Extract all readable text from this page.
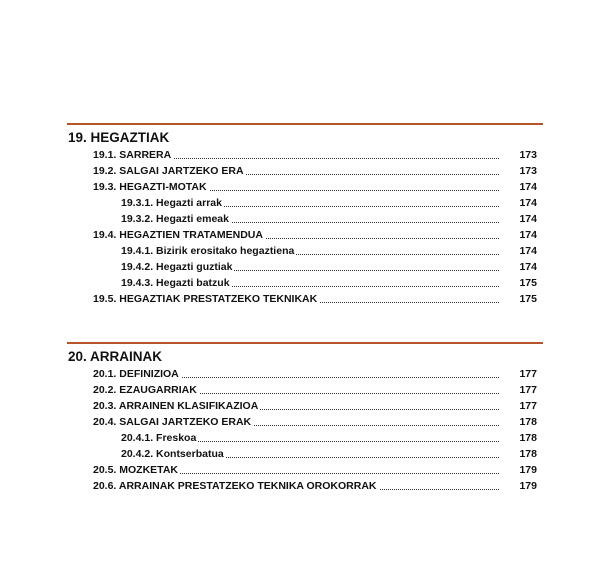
19. HEGAZTIAK
19.1. SARRERA	173
19.2. SALGAI JARTZEKO ERA	173
19.3. HEGAZTI-MOTAK	174
19.3.1. Hegazti arrak	174
19.3.2. Hegazti emeak	174
19.4. HEGAZTIEN TRATAMENDUA	174
19.4.1. Bizirik erositako hegaztiena	174
19.4.2. Hegazti guztiak	174
19.4.3. Hegazti batzuk	175
19.5. HEGAZTIAK PRESTATZEKO TEKNIKAK	175
20. ARRAINAK
20.1. DEFINIZIOA	177
20.2. EZAUGARRIAK	177
20.3. ARRAINEN KLASIFIKAZIOA	177
20.4. SALGAI JARTZEKO ERAK	178
20.4.1. Freskoa	178
20.4.2. Kontserbatua	178
20.5. MOZKETAK	179
20.6. ARRAINAK PRESTATZEKO TEKNIKA OROKORRAK	179
